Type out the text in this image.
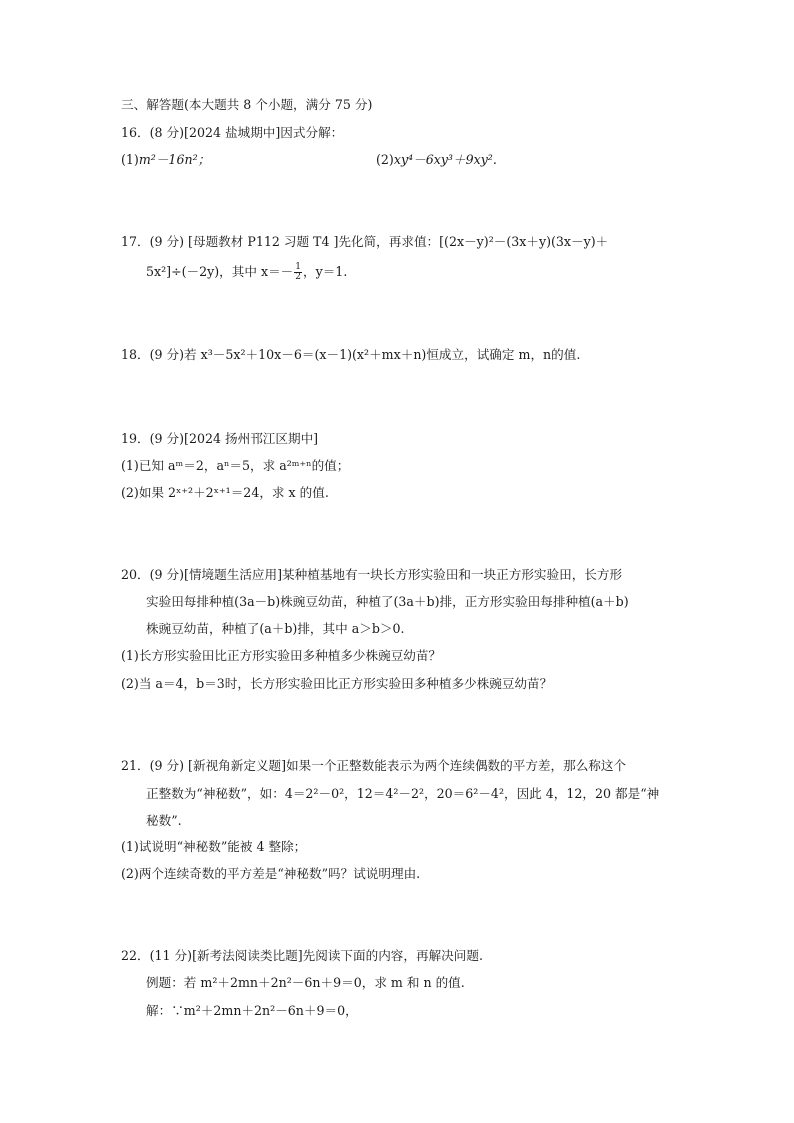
三、解答题(本大题共 8 个小题，满分 75 分)
16．(8 分)[2024 盐城期中]因式分解：
(1)m²－16n²；	(2)xy⁴－6xy³＋9xy².
17．(9 分) [母题教材 P112 习题 T4 ]先化简，再求值：[(2x－y)²－(3x＋y)(3x－y)＋
5x²]÷(－2y)，其中 $x=- \frac{1}{2}$ ，y＝1.
18．(9 分)若 x³－5x²＋10x－6＝(x－1)(x²＋mx＋n)恒成立，试确定 m，n的值.
19．(9 分)[2024 扬州邗江区期中]
(1)已知 aᵐ＝2，aⁿ＝5，求 a²ᵐ⁺ⁿ的值；
(2)如果 2ˣ⁺²＋2ˣ⁺¹＝24，求 x 的值.
20．(9 分)[情境题生活应用]某种植基地有一块长方形实验田和一块正方形实验田，长方形
实验田每排种植(3a－b)株豌豆幼苗，种植了(3a＋b)排，正方形实验田每排种植(a＋b)
株豌豆幼苗，种植了(a＋b)排，其中 a＞b＞0.
(1)长方形实验田比正方形实验田多种植多少株豌豆幼苗？
(2)当 a＝4，b＝3时，长方形实验田比正方形实验田多种植多少株豌豆幼苗？
21．(9 分) [新视角新定义题]如果一个正整数能表示为两个连续偶数的平方差，那么称这个
正整数为“神秘数”，如：4＝2²－0²，12＝4²－2²，20＝6²－4²，因此 4，12，20 都是“神
秘数”.
(1)试说明“神秘数”能被 4 整除；
(2)两个连续奇数的平方差是“神秘数”吗？试说明理由.
22．(11 分)[新考法阅读类比题]先阅读下面的内容，再解决问题.
例题：若 m²＋2mn＋2n²－6n＋9＝0，求 m 和 n 的值.
解：∵m²＋2mn＋2n²－6n＋9＝0，
